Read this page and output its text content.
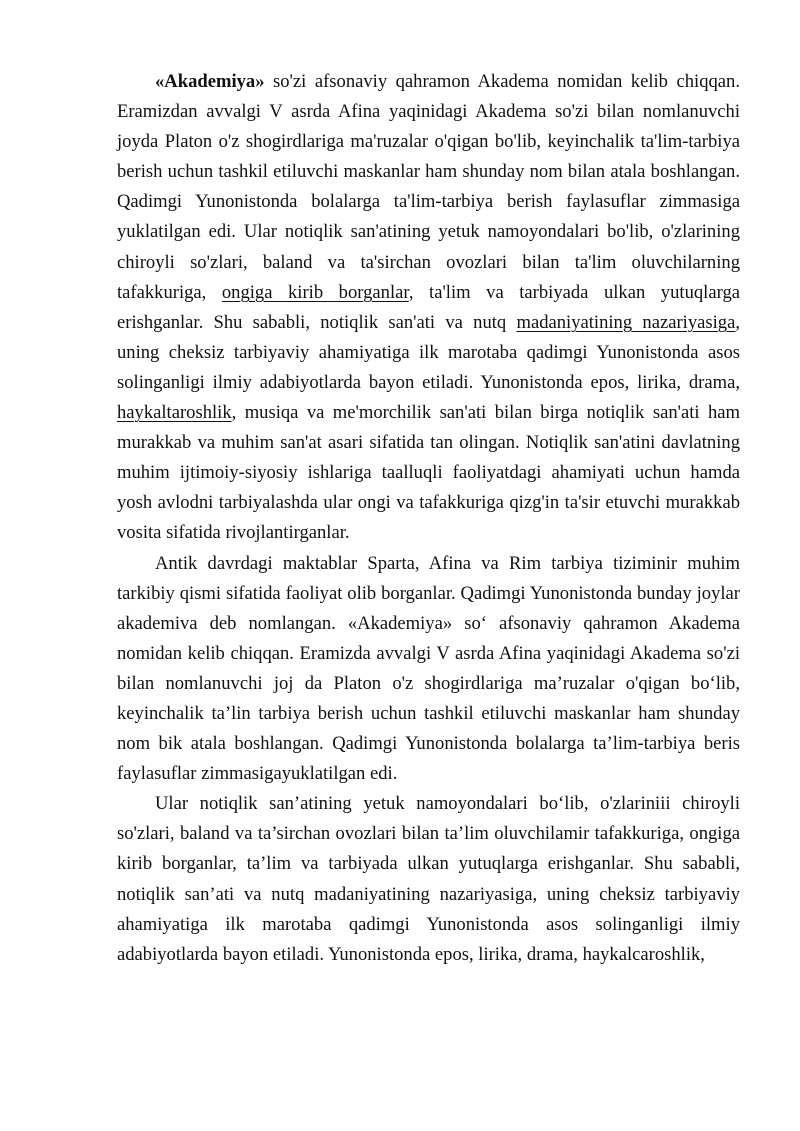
«Akademiya» so'zi afsonaviy qahramon Akadema nomidan kelib chiqqan. Eramizdan avvalgi V asrda Afina yaqinidagi Akadema so'zi bilan nomlanuvchi joyda Platon o'z shogirdlariga ma'ruzalar o'qigan bo'lib, keyinchalik ta'lim-tarbiya berish uchun tashkil etiluvchi maskanlar ham shunday nom bilan atala boshlangan. Qadimgi Yunonistonda bolalarga ta'lim-tarbiya berish faylasuflar zimmasiga yuklatilgan edi. Ular notiqlik san'atining yetuk namoyondalari bo'lib, o'zlarining chiroyli so'zlari, baland va ta'sirchan ovozlari bilan ta'lim oluvchilarning tafakkuriga, ongiga kirib borganlar, ta'lim va tarbiyada ulkan yutuqlarga erishganlar. Shu sababli, notiqlik san'ati va nutq madaniyatining nazariyasiga, uning cheksiz tarbiyaviy ahamiyatiga ilk marotaba qadimgi Yunonistonda asos solinganligi ilmiy adabiyotlarda bayon etiladi. Yunonistonda epos, lirika, drama, haykaltaroshlik, musiqa va me'morchilik san'ati bilan birga notiqlik san'ati ham murakkab va muhim san'at asari sifatida tan olingan. Notiqlik san'atini davlatning muhim ijtimoiy-siyosiy ishlariga taalluqli faoliyatdagi ahamiyati uchun hamda yosh avlodni tarbiyalashda ular ongi va tafakkuriga qizg'in ta'sir etuvchi murakkab vosita sifatida rivojlantirganlar.

Antik davrdagi maktablar Sparta, Afina va Rim tarbiya tiziminir muhim tarkibiy qismi sifatida faoliyat olib borganlar. Qadimgi Yunonistonda bunday joylar akademiva deb nomlangan. «Akademiya» so‘ afsonaviy qahramon Akadema nomidan kelib chiqqan. Eramizda avvalgi V asrda Afina yaqinidagi Akadema so'zi bilan nomlanuvchi joj da Platon o'z shogirdlariga ma’ruzalar o'qigan bo‘lib, keyinchalik ta’lin tarbiya berish uchun tashkil etiluvchi maskanlar ham shunday nom bik atala boshlangan. Qadimgi Yunonistonda bolalarga ta’lim-tarbiya beris faylasuflar zimmasigayuklatilgan edi.

Ular notiqlik san’atining yetuk namoyondalari bo‘lib, o'zlariniii chiroyli so'zlari, baland va ta’sirchan ovozlari bilan ta’lim oluvchilamir tafakkuriga, ongiga kirib borganlar, ta’lim va tarbiyada ulkan yutuqlarga erishganlar. Shu sababli, notiqlik san’ati va nutq madaniyatining nazariyasiga, uning cheksiz tarbiyaviy ahamiyatiga ilk marotaba qadimgi Yunonistonda asos solinganligi ilmiy adabiyotlarda bayon etiladi. Yunonistonda epos, lirika, drama, haykalcaroshlik,
